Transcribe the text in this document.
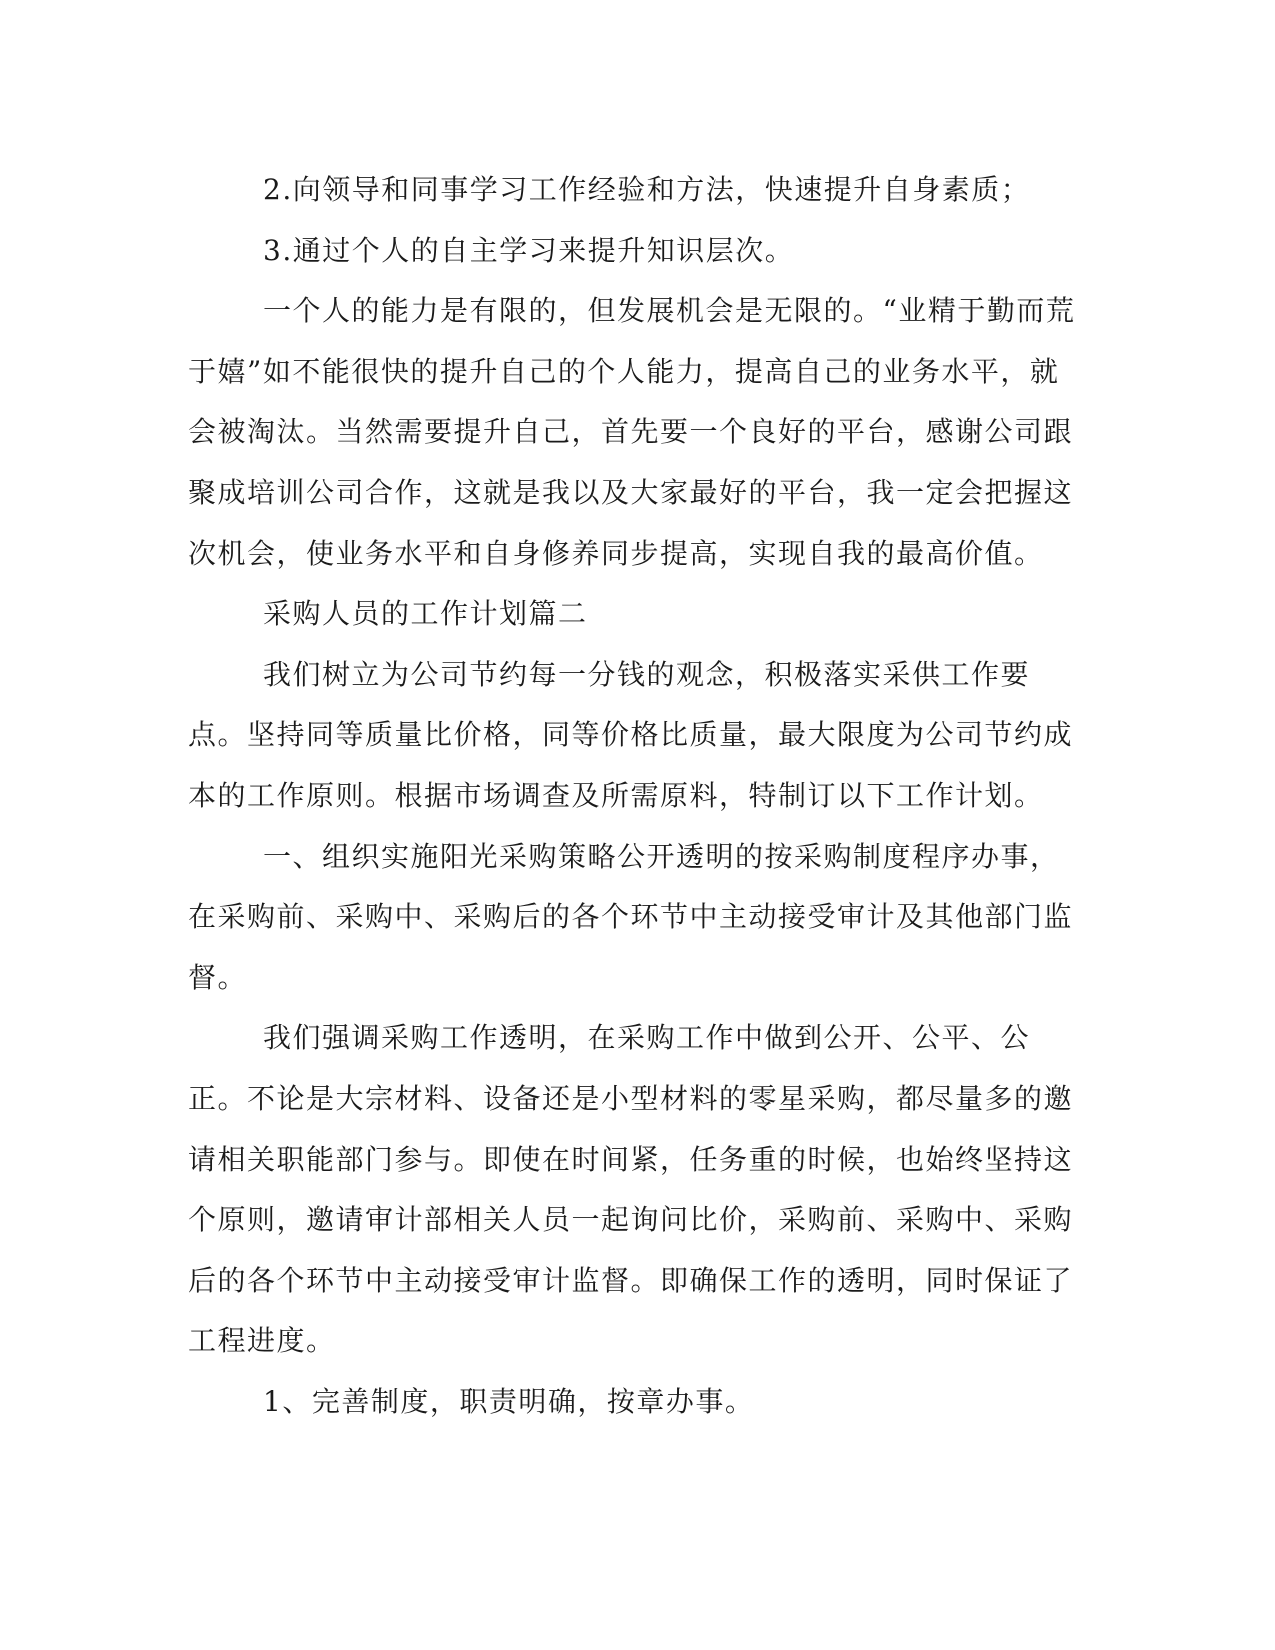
2.向领导和同事学习工作经验和方法，快速提升自身素质；

3.通过个人的自主学习来提升知识层次。

一个人的能力是有限的，但发展机会是无限的。“业精于勤而荒于嬉”如不能很快的提升自己的个人能力，提高自己的业务水平，就会被淘汰。当然需要提升自己，首先要一个良好的平台，感谢公司跟聚成培训公司合作，这就是我以及大家最好的平台，我一定会把握这次机会，使业务水平和自身修养同步提高，实现自我的最高价值。

采购人员的工作计划篇二

我们树立为公司节约每一分钱的观念，积极落实采供工作要点。坚持同等质量比价格，同等价格比质量，最大限度为公司节约成本的工作原则。根据市场调查及所需原料，特制订以下工作计划。

一、组织实施阳光采购策略公开透明的按采购制度程序办事，在采购前、采购中、采购后的各个环节中主动接受审计及其他部门监督。

我们强调采购工作透明，在采购工作中做到公开、公平、公正。不论是大宗材料、设备还是小型材料的零星采购，都尽量多的邀请相关职能部门参与。即使在时间紧，任务重的时候，也始终坚持这个原则，邀请审计部相关人员一起询问比价，采购前、采购中、采购后的各个环节中主动接受审计监督。即确保工作的透明，同时保证了工程进度。

1、完善制度，职责明确，按章办事。
